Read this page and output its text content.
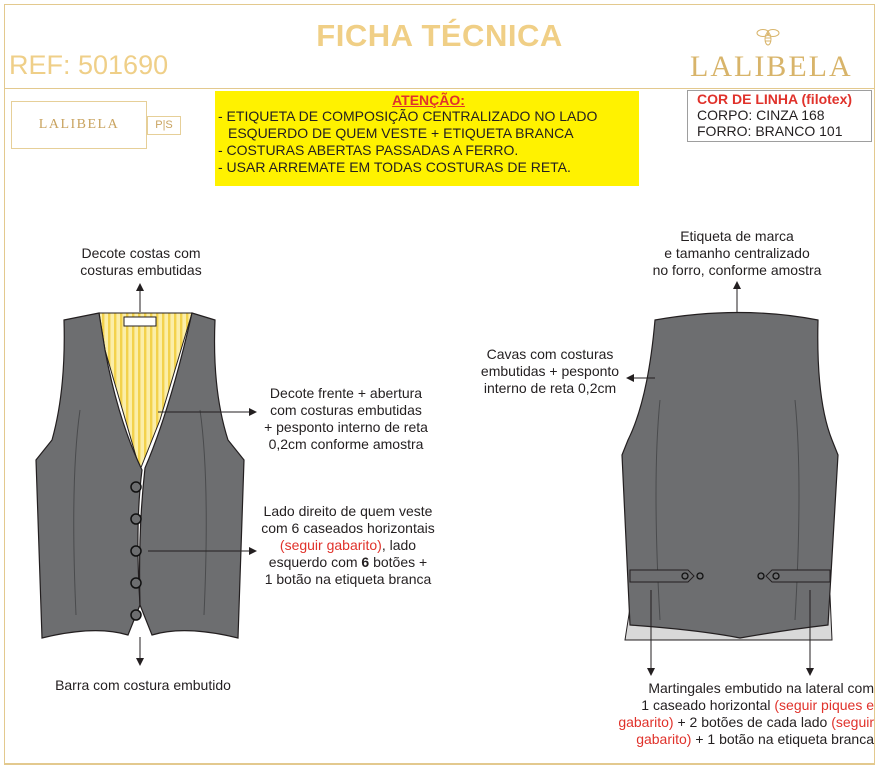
FICHA TÉCNICA
REF: 501690	LALIBELA
LALIBELA	P|S
ATENÇÃO:
- ETIQUETA DE COMPOSIÇÃO CENTRALIZADO NO LADO
ESQUERDO DE QUEM VESTE + ETIQUETA BRANCA
- COSTURAS ABERTAS PASSADAS A FERRO.
- USAR ARREMATE EM TODAS COSTURAS DE RETA.
COR DE LINHA (filotex)
CORPO: CINZA 168
FORRO: BRANCO 101
Decote costas com
costuras embutidas
Decote frente + abertura
com costuras embutidas
+ pesponto interno de reta
0,2cm conforme amostra
Lado direito de quem veste
com 6 caseados horizontais
(seguir gabarito), lado
esquerdo com 6 botões +
1 botão na etiqueta branca
Barra com costura embutido
Etiqueta de marca
e tamanho centralizado
no forro, conforme amostra
Cavas com costuras
embutidas + pesponto
interno de reta 0,2cm
Martingales embutido na lateral com
1 caseado horizontal (seguir piques e
gabarito) + 2 botões de cada lado (seguir
gabarito) + 1 botão na etiqueta branca
